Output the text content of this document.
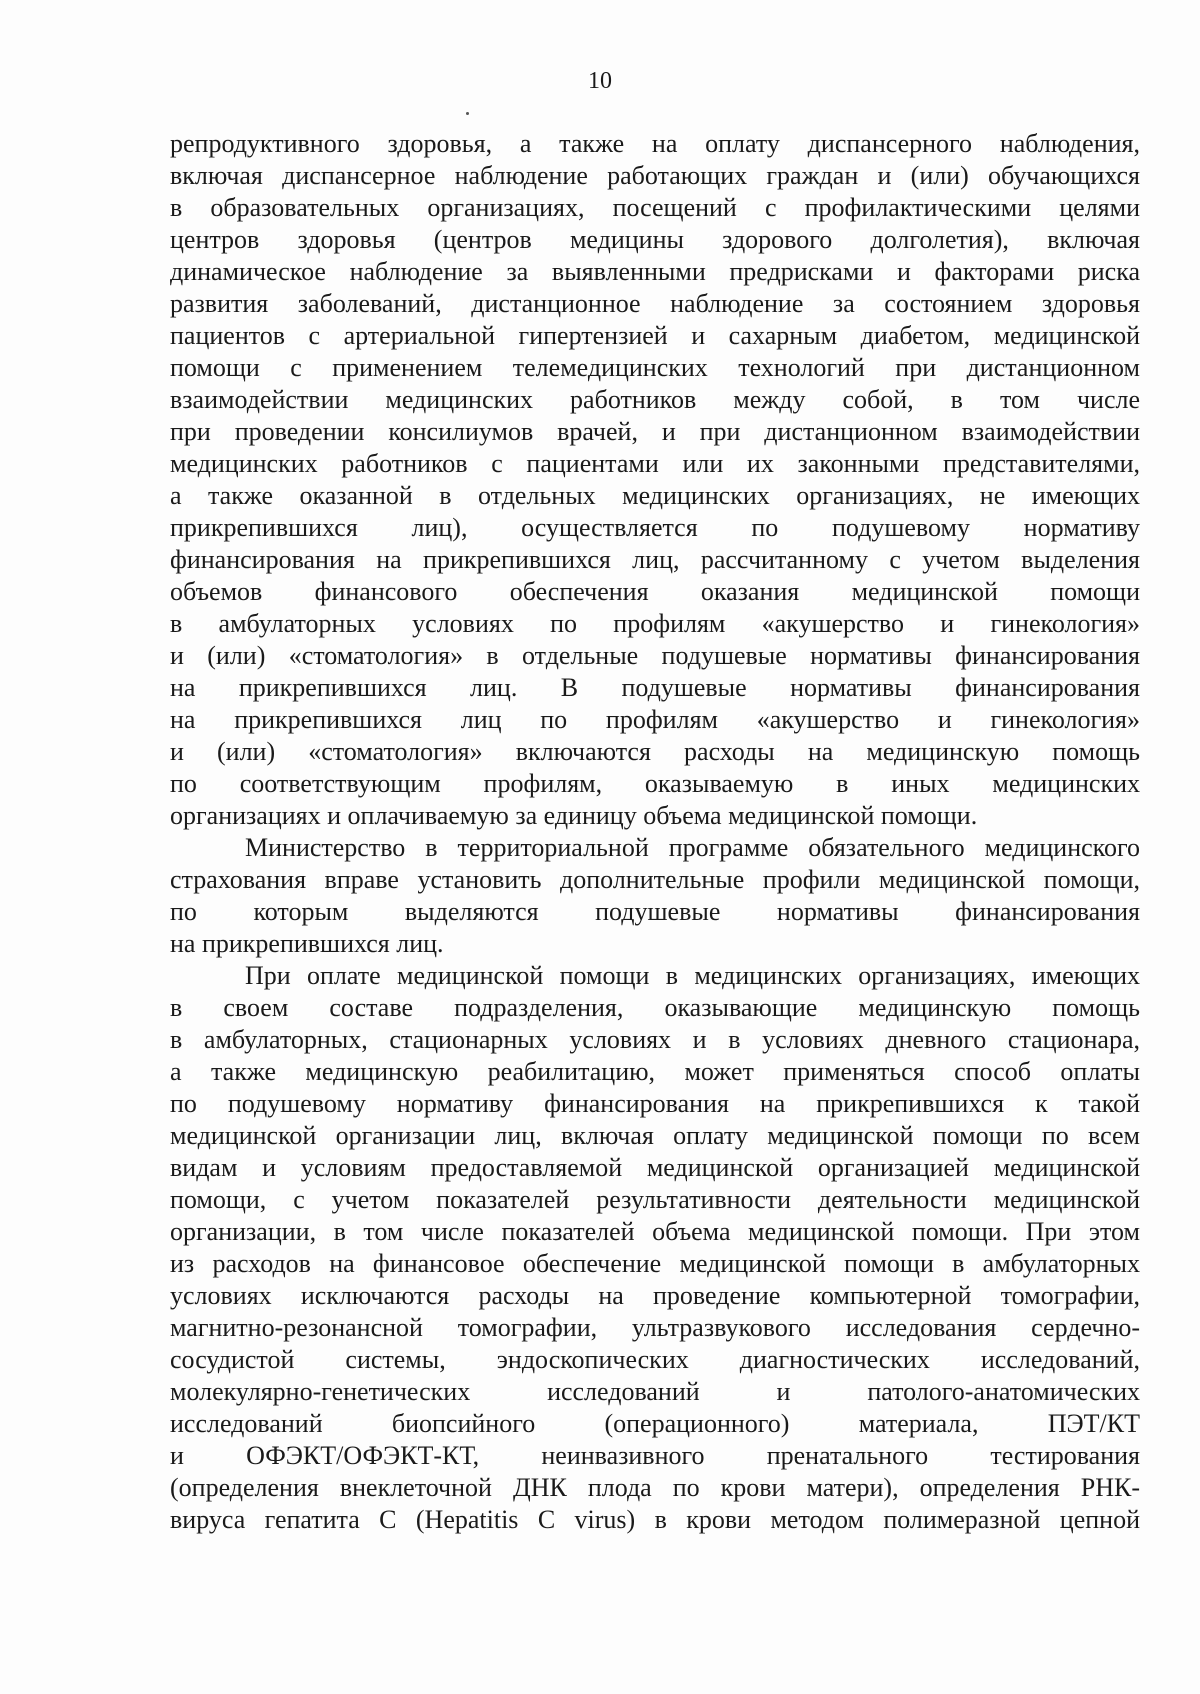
10
репродуктивного здоровья, а также на оплату диспансерного наблюдения,
включая диспансерное наблюдение работающих граждан и (или) обучающихся
в образовательных организациях, посещений с профилактическими целями
центров здоровья (центров медицины здорового долголетия), включая
динамическое наблюдение за выявленными предрисками и факторами риска
развития заболеваний, дистанционное наблюдение за состоянием здоровья
пациентов с артериальной гипертензией и сахарным диабетом, медицинской
помощи с применением телемедицинских технологий при дистанционном
взаимодействии медицинских работников между собой, в том числе
при проведении консилиумов врачей, и при дистанционном взаимодействии
медицинских работников с пациентами или их законными представителями,
а также оказанной в отдельных медицинских организациях, не имеющих
прикрепившихся лиц), осуществляется по подушевому нормативу
финансирования на прикрепившихся лиц, рассчитанному с учетом выделения
объемов финансового обеспечения оказания медицинской помощи
в амбулаторных условиях по профилям «акушерство и гинекология»
и (или) «стоматология» в отдельные подушевые нормативы финансирования
на прикрепившихся лиц. В подушевые нормативы финансирования
на прикрепившихся лиц по профилям «акушерство и гинекология»
и (или) «стоматология» включаются расходы на медицинскую помощь
по соответствующим профилям, оказываемую в иных медицинских
организациях и оплачиваемую за единицу объема медицинской помощи.
Министерство в территориальной программе обязательного медицинского
страхования вправе установить дополнительные профили медицинской помощи,
по которым выделяются подушевые нормативы финансирования
на прикрепившихся лиц.
При оплате медицинской помощи в медицинских организациях, имеющих
в своем составе подразделения, оказывающие медицинскую помощь
в амбулаторных, стационарных условиях и в условиях дневного стационара,
а также медицинскую реабилитацию, может применяться способ оплаты
по подушевому нормативу финансирования на прикрепившихся к такой
медицинской организации лиц, включая оплату медицинской помощи по всем
видам и условиям предоставляемой медицинской организацией медицинской
помощи, с учетом показателей результативности деятельности медицинской
организации, в том числе показателей объема медицинской помощи. При этом
из расходов на финансовое обеспечение медицинской помощи в амбулаторных
условиях исключаются расходы на проведение компьютерной томографии,
магнитно-резонансной томографии, ультразвукового исследования сердечно-
сосудистой системы, эндоскопических диагностических исследований,
молекулярно-генетических исследований и патолого-анатомических
исследований биопсийного (операционного) материала, ПЭТ/КТ
и ОФЭКТ/ОФЭКТ-КТ, неинвазивного пренатального тестирования
(определения внеклеточной ДНК плода по крови матери), определения РНК-
вируса гепатита С (Hepatitis C virus) в крови методом полимеразной цепной
